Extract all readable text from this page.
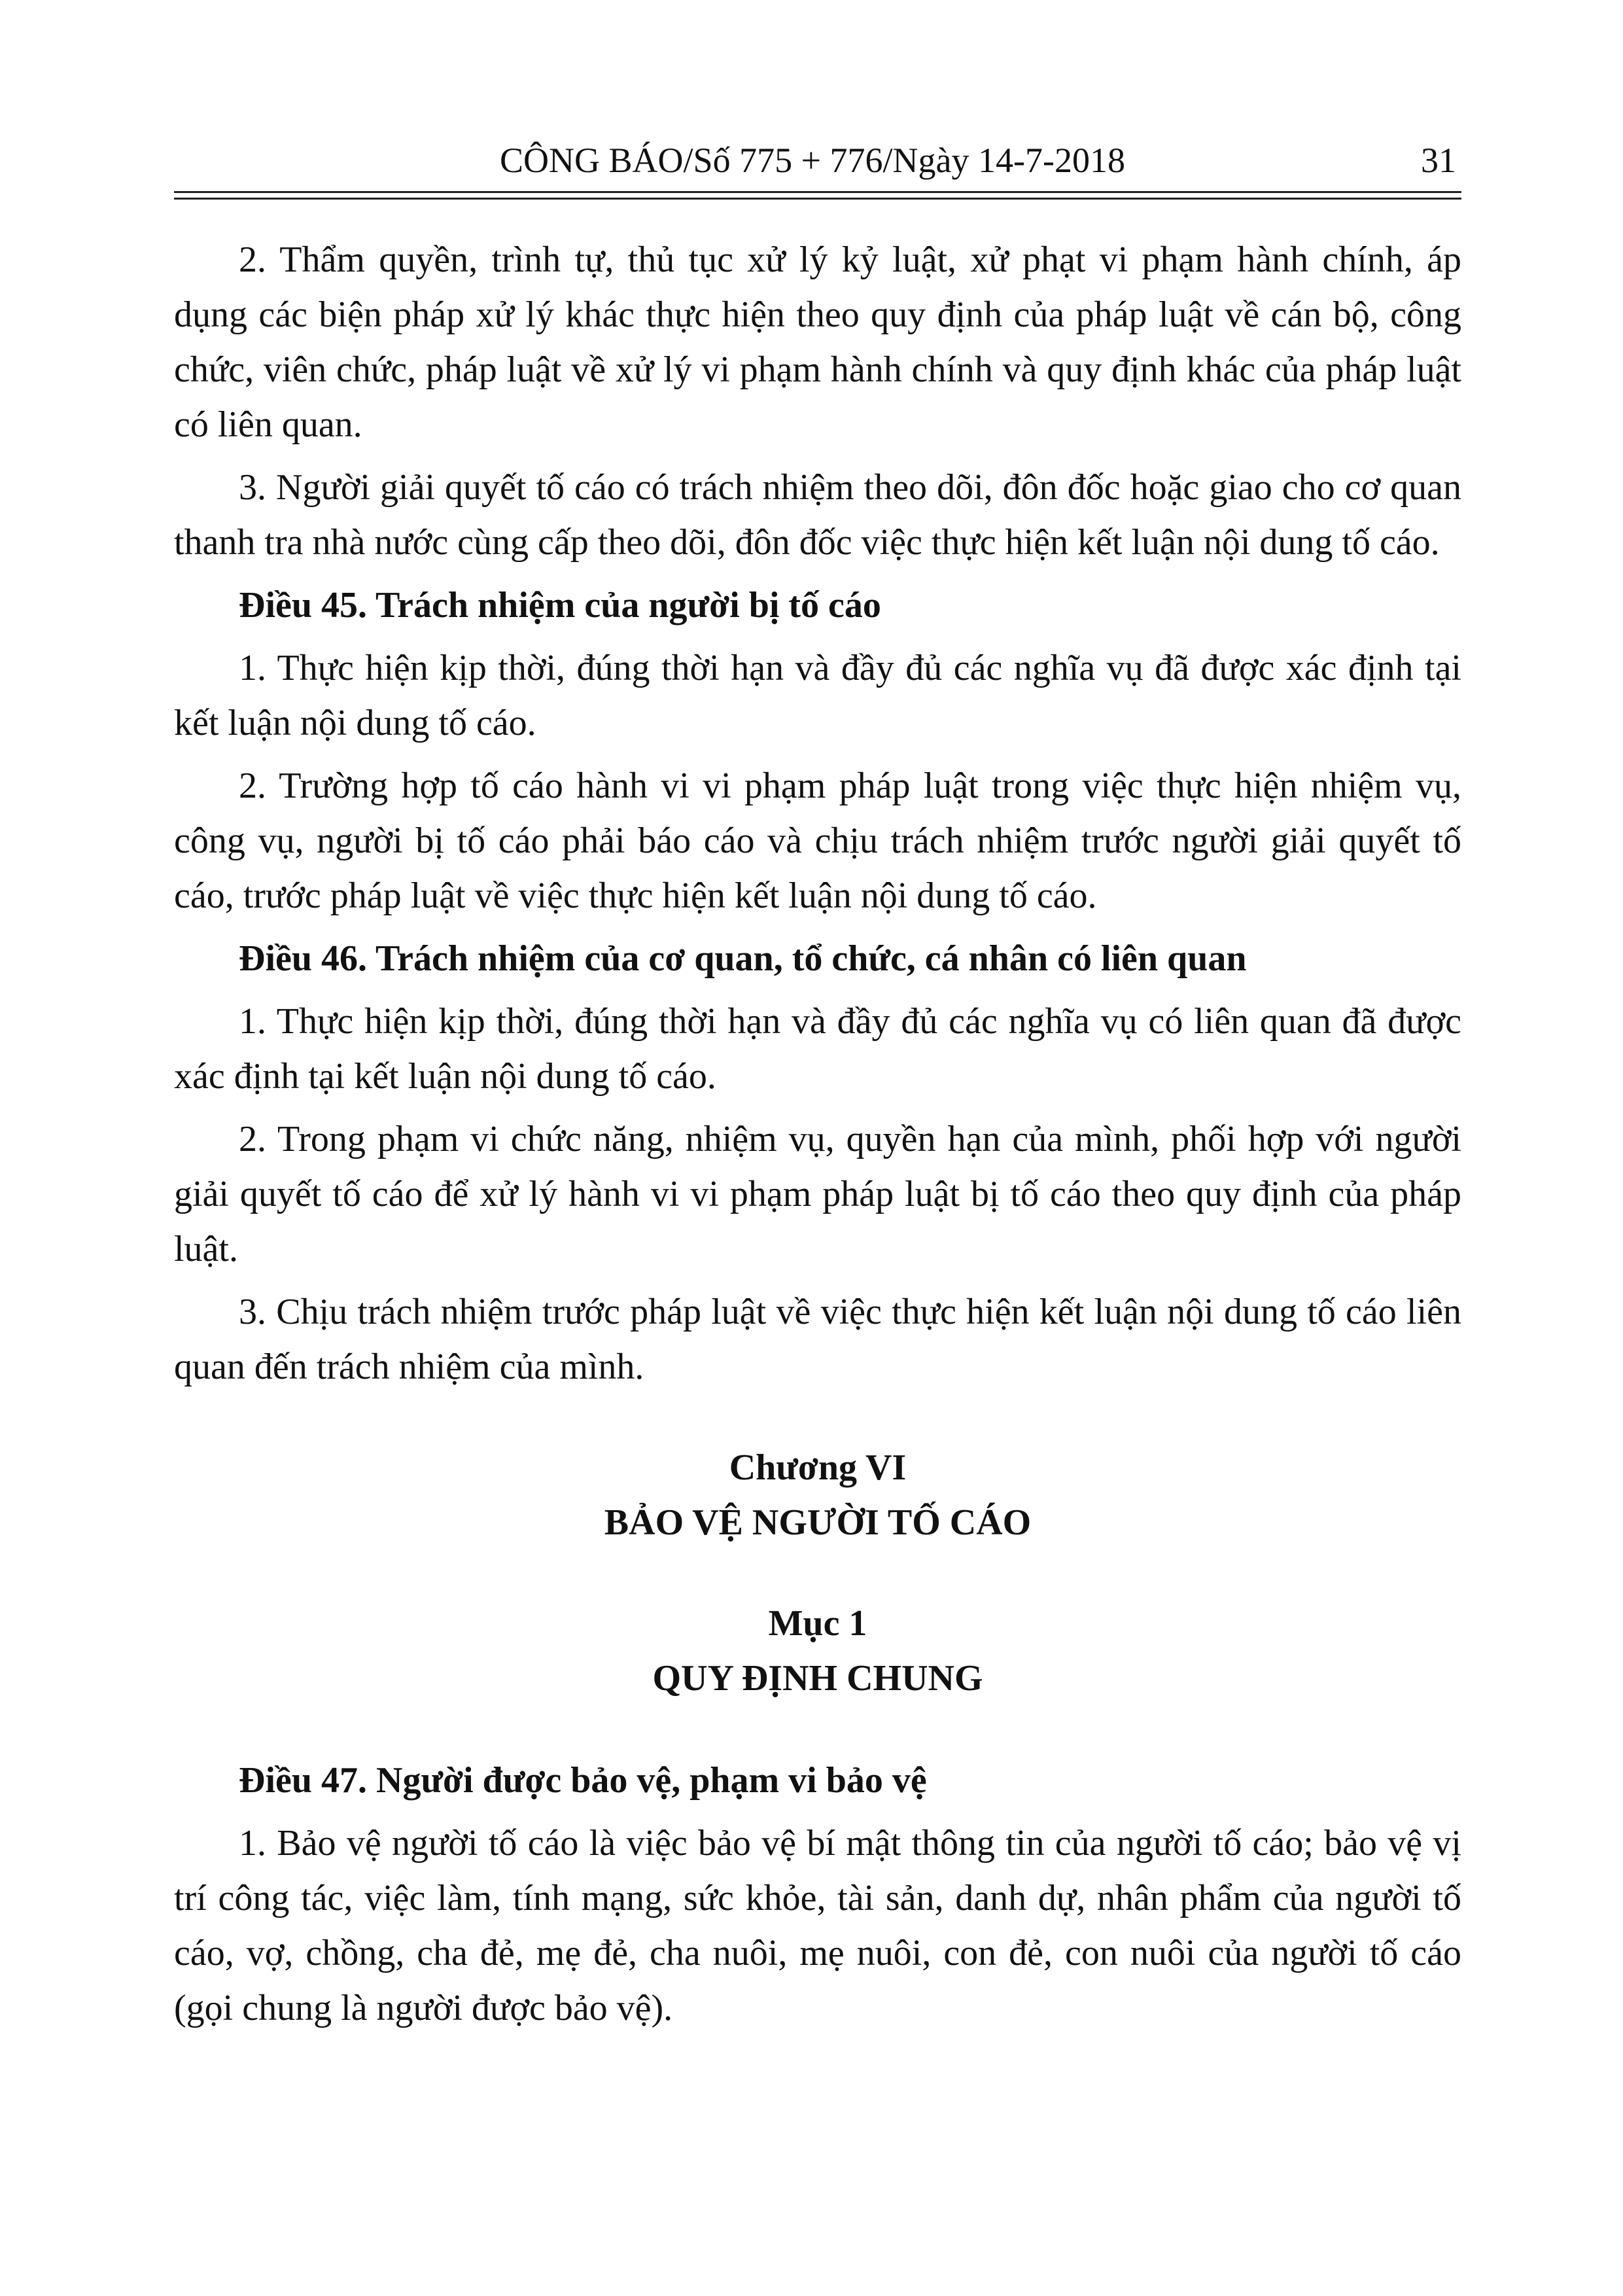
CÔNG BÁO/Số 775 + 776/Ngày 14-7-2018	31

2. Thẩm quyền, trình tự, thủ tục xử lý kỷ luật, xử phạt vi phạm hành chính, áp dụng các biện pháp xử lý khác thực hiện theo quy định của pháp luật về cán bộ, công chức, viên chức, pháp luật về xử lý vi phạm hành chính và quy định khác của pháp luật có liên quan.

3. Người giải quyết tố cáo có trách nhiệm theo dõi, đôn đốc hoặc giao cho cơ quan thanh tra nhà nước cùng cấp theo dõi, đôn đốc việc thực hiện kết luận nội dung tố cáo.

Điều 45. Trách nhiệm của người bị tố cáo

1. Thực hiện kịp thời, đúng thời hạn và đầy đủ các nghĩa vụ đã được xác định tại kết luận nội dung tố cáo.

2. Trường hợp tố cáo hành vi vi phạm pháp luật trong việc thực hiện nhiệm vụ, công vụ, người bị tố cáo phải báo cáo và chịu trách nhiệm trước người giải quyết tố cáo, trước pháp luật về việc thực hiện kết luận nội dung tố cáo.

Điều 46. Trách nhiệm của cơ quan, tổ chức, cá nhân có liên quan

1. Thực hiện kịp thời, đúng thời hạn và đầy đủ các nghĩa vụ có liên quan đã được xác định tại kết luận nội dung tố cáo.

2. Trong phạm vi chức năng, nhiệm vụ, quyền hạn của mình, phối hợp với người giải quyết tố cáo để xử lý hành vi vi phạm pháp luật bị tố cáo theo quy định của pháp luật.

3. Chịu trách nhiệm trước pháp luật về việc thực hiện kết luận nội dung tố cáo liên quan đến trách nhiệm của mình.

Chương VI
BẢO VỆ NGƯỜI TỐ CÁO
Mục 1
QUY ĐỊNH CHUNG

Điều 47. Người được bảo vệ, phạm vi bảo vệ

1. Bảo vệ người tố cáo là việc bảo vệ bí mật thông tin của người tố cáo; bảo vệ vị trí công tác, việc làm, tính mạng, sức khỏe, tài sản, danh dự, nhân phẩm của người tố cáo, vợ, chồng, cha đẻ, mẹ đẻ, cha nuôi, mẹ nuôi, con đẻ, con nuôi của người tố cáo (gọi chung là người được bảo vệ).
